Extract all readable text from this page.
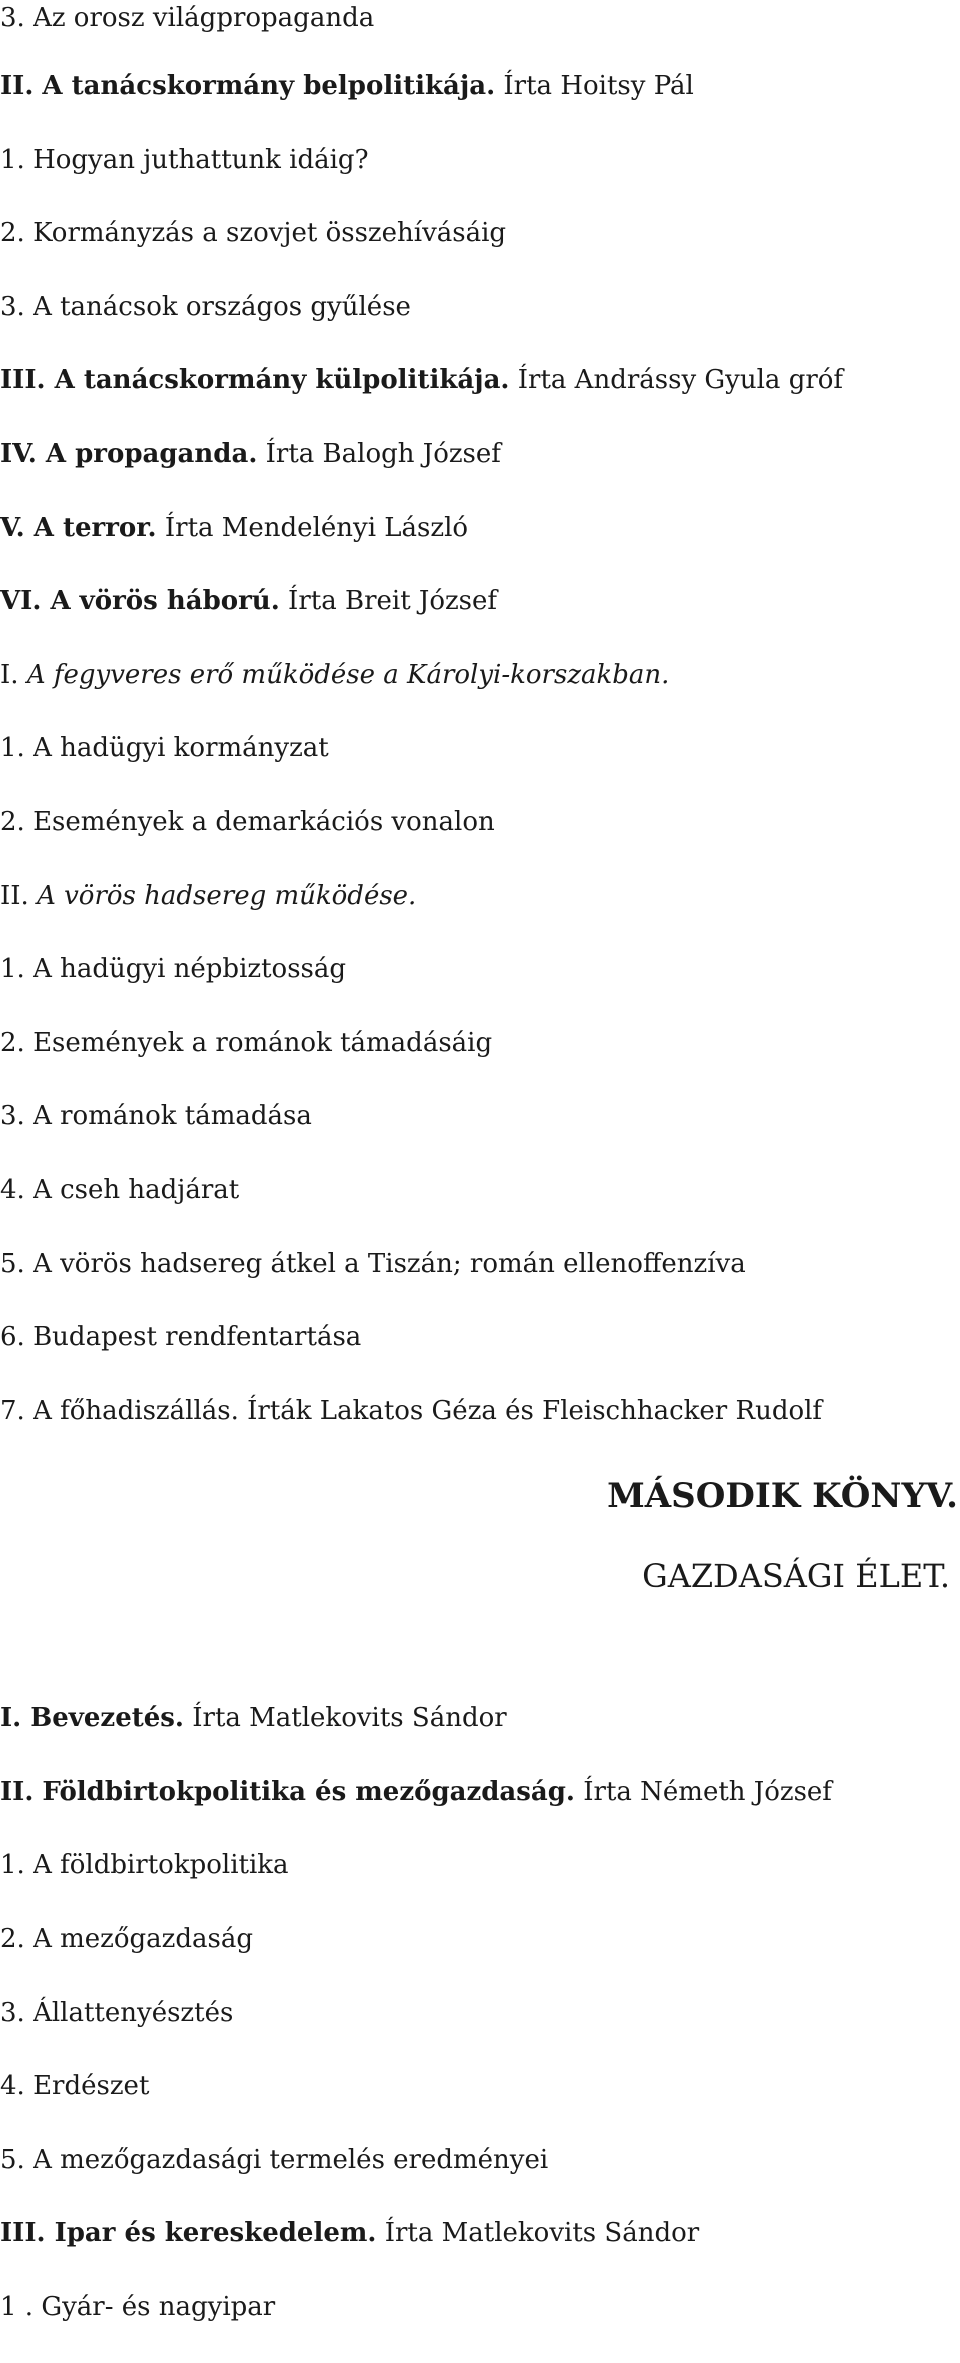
3. Az orosz világpropaganda
II. A tanácskormány belpolitikája. Írta Hoitsy Pál
1. Hogyan juthattunk idáig?
2. Kormányzás a szovjet összehívásáig
3. A tanácsok országos gyűlése
III. A tanácskormány külpolitikája. Írta Andrássy Gyula gróf
IV. A propaganda. Írta Balogh József
V. A terror. Írta Mendelényi László
VI. A vörös háború. Írta Breit József
I. A fegyveres erő működése a Károlyi-korszakban.
1. A hadügyi kormányzat
2. Események a demarkációs vonalon
II. A vörös hadsereg működése.
1. A hadügyi népbiztosság
2. Események a románok támadásáig
3. A románok támadása
4. A cseh hadjárat
5. A vörös hadsereg átkel a Tiszán; román ellenoffenzíva
6. Budapest rendfentartása
7. A főhadiszállás. Írták Lakatos Géza és Fleischhacker Rudolf
MÁSODIK KÖNYV.
GAZDASÁGI ÉLET.
I. Bevezetés. Írta Matlekovits Sándor
II. Földbirtokpolitika és mezőgazdaság. Írta Németh József
1. A földbirtokpolitika
2. A mezőgazdaság
3. Állattenyésztés
4. Erdészet
5. A mezőgazdasági termelés eredményei
III. Ipar és kereskedelem. Írta Matlekovits Sándor
1 . Gyár- és nagyipar
